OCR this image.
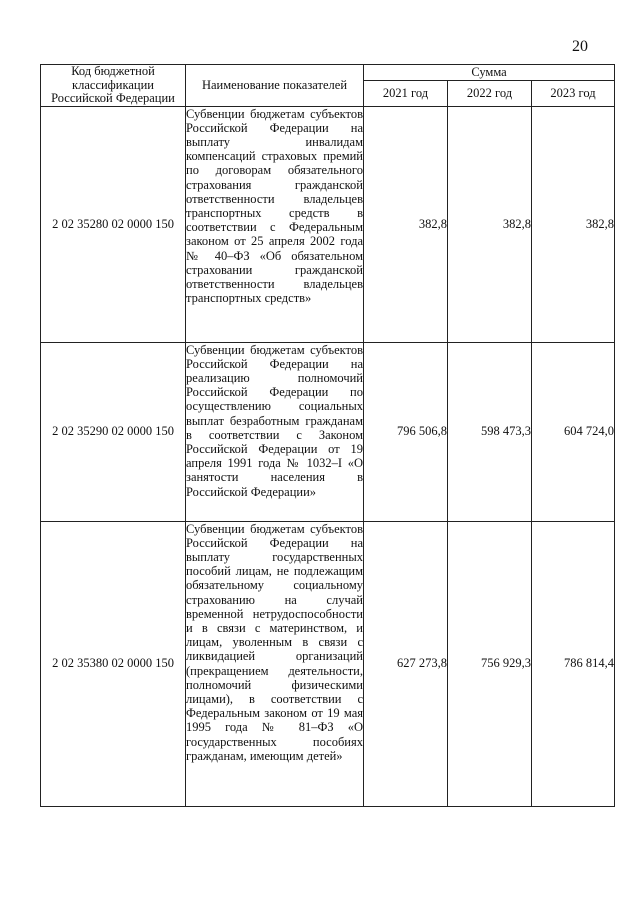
20
Код бюджетной классификации Российской Федерации	Наименование показателей	Сумма		
		2021 год	2022 год	2023 год
2 02 35280 02 0000 150	Субвенции бюджетам субъектов Российской Федерации на выплату инвалидам компенсаций страховых премий по договорам обязательного страхования гражданской ответственности владельцев транспортных средств в соответствии с Федеральным законом от 25 апреля 2002 года № 40–ФЗ «Об обязательном страховании гражданской ответственности владельцев транспортных средств»	382,8	382,8	382,8
2 02 35290 02 0000 150	Субвенции бюджетам субъектов Российской Федерации на реализацию полномочий Российской Федерации по осуществлению социальных выплат безработным гражданам в соответствии с Законом Российской Федерации от 19 апреля 1991 года № 1032–I «О занятости населения в Российской Федерации»	796 506,8	598 473,3	604 724,0
2 02 35380 02 0000 150	Субвенции бюджетам субъектов Российской Федерации на выплату государственных пособий лицам, не подлежащим обязательному социальному страхованию на случай временной нетрудоспособности и в связи с материнством, и лицам, уволенным в связи с ликвидацией организаций (прекращением деятельности, полномочий физическими лицами), в соответствии с Федеральным законом от 19 мая 1995 года № 81–ФЗ «О государственных пособиях гражданам, имеющим детей»	627 273,8	756 929,3	786 814,4
